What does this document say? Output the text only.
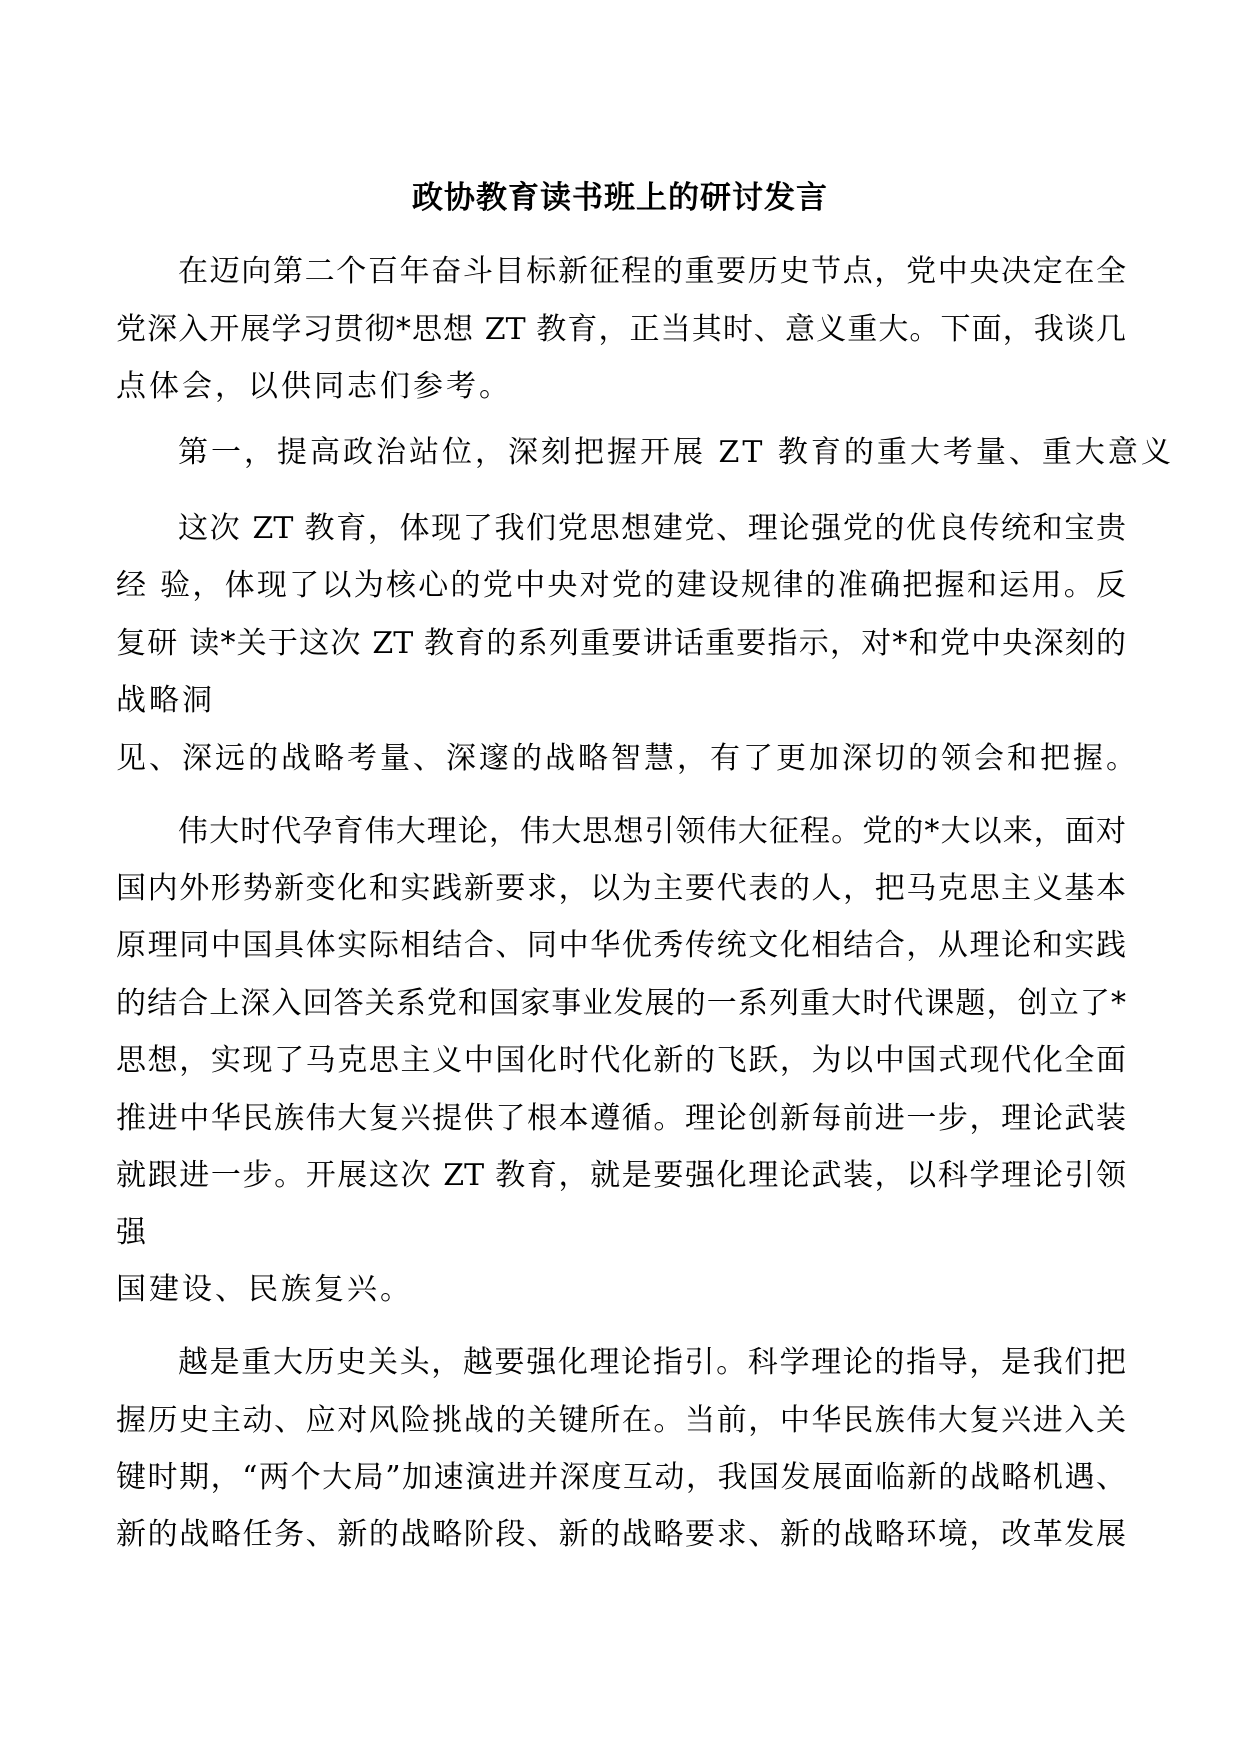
政协教育读书班上的研讨发言
在迈向第二个百年奋斗目标新征程的重要历史节点，党中央决定在全
党深入开展学习贯彻*思想 ZT 教育，正当其时、意义重大。下面，我谈几
点体会，以供同志们参考。
第一，提高政治站位，深刻把握开展 ZT 教育的重大考量、重大意义
这次 ZT 教育，体现了我们党思想建党、理论强党的优良传统和宝贵
经 验，体现了以为核心的党中央对党的建设规律的准确把握和运用。反
复研 读*关于这次 ZT 教育的系列重要讲话重要指示，对*和党中央深刻的
战略洞
见、深远的战略考量、深邃的战略智慧，有了更加深切的领会和把握。
伟大时代孕育伟大理论，伟大思想引领伟大征程。党的*大以来，面对
国内外形势新变化和实践新要求，以为主要代表的人，把马克思主义基本
原理同中国具体实际相结合、同中华优秀传统文化相结合，从理论和实践
的结合上深入回答关系党和国家事业发展的一系列重大时代课题，创立了*
思想，实现了马克思主义中国化时代化新的飞跃，为以中国式现代化全面
推进中华民族伟大复兴提供了根本遵循。理论创新每前进一步，理论武装
就跟进一步。开展这次 ZT 教育，就是要强化理论武装，以科学理论引领
强
国建设、民族复兴。
越是重大历史关头，越要强化理论指引。科学理论的指导，是我们把
握历史主动、应对风险挑战的关键所在。当前，中华民族伟大复兴进入关
键时期，“两个大局”加速演进并深度互动，我国发展面临新的战略机遇、
新的战略任务、新的战略阶段、新的战略要求、新的战略环境，改革发展
